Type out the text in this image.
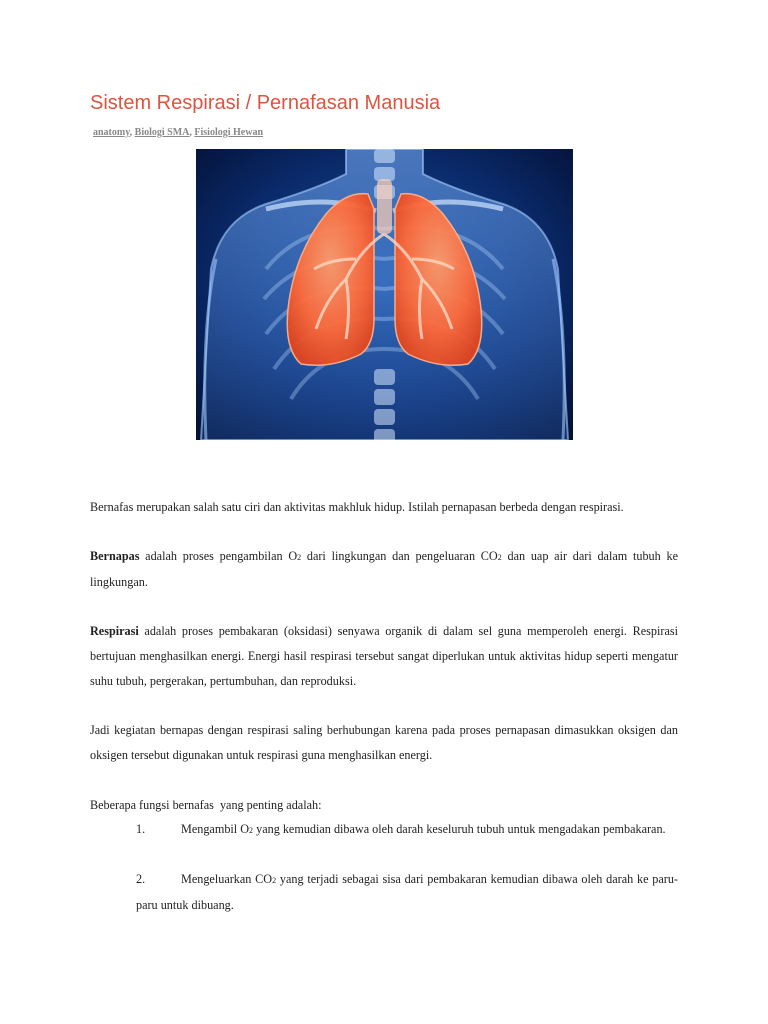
Sistem Respirasi / Pernafasan Manusia
anatomy, Biologi SMA, Fisiologi Hewan

Bernafas merupakan salah satu ciri dan aktivitas makhluk hidup. Istilah pernapasan berbeda dengan respirasi.

Bernapas adalah proses pengambilan O2 dari lingkungan dan pengeluaran CO2 dan uap air dari dalam tubuh ke lingkungan.

Respirasi adalah proses pembakaran (oksidasi) senyawa organik di dalam sel guna memperoleh energi. Respirasi bertujuan menghasilkan energi. Energi hasil respirasi tersebut sangat diperlukan untuk aktivitas hidup seperti mengatur suhu tubuh, pergerakan, pertumbuhan, dan reproduksi.

Jadi kegiatan bernapas dengan respirasi saling berhubungan karena pada proses pernapasan dimasukkan oksigen dan oksigen tersebut digunakan untuk respirasi guna menghasilkan energi.

Beberapa fungsi bernafas  yang penting adalah:

1.	Mengambil O2 yang kemudian dibawa oleh darah keseluruh tubuh untuk mengadakan pembakaran.

2.	Mengeluarkan CO2 yang terjadi sebagai sisa dari pembakaran kemudian dibawa oleh darah ke paru-paru untuk dibuang.
